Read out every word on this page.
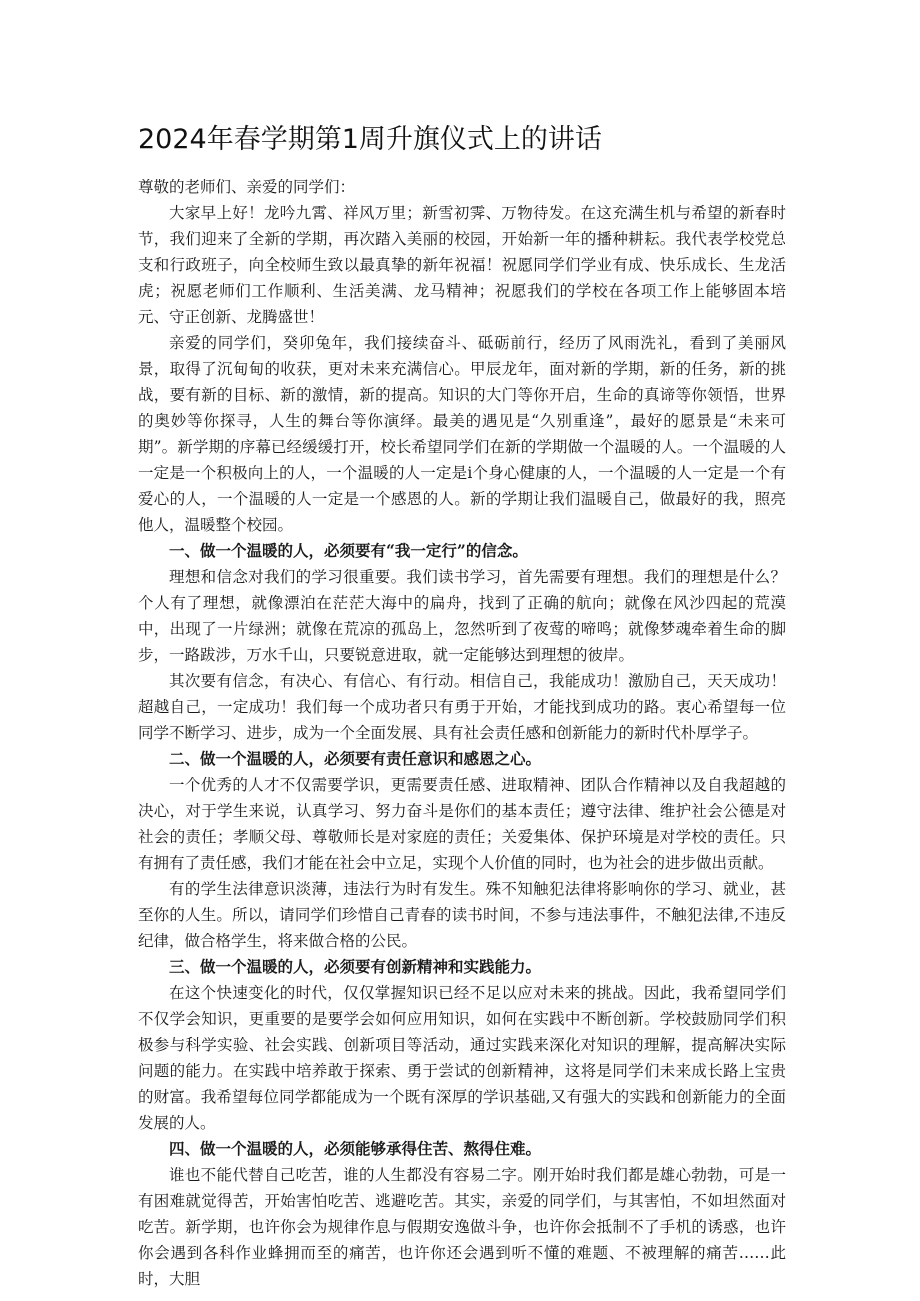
2024年春学期第1周升旗仪式上的讲话

尊敬的老师们、亲爱的同学们：

大家早上好！龙吟九霄、祥风万里；新雪初霁、万物待发。在这充满生机与希望的新春时节，我们迎来了全新的学期，再次踏入美丽的校园，开始新一年的播种耕耘。我代表学校党总支和行政班子，向全校师生致以最真挚的新年祝福！祝愿同学们学业有成、快乐成长、生龙活虎；祝愿老师们工作顺利、生活美满、龙马精神；祝愿我们的学校在各项工作上能够固本培元、守正创新、龙腾盛世！

亲爱的同学们，癸卯兔年，我们接续奋斗、砥砺前行，经历了风雨洗礼，看到了美丽风景，取得了沉甸甸的收获，更对未来充满信心。甲辰龙年，面对新的学期，新的任务，新的挑战，要有新的目标、新的激情，新的提高。知识的大门等你开启，生命的真谛等你领悟，世界的奥妙等你探寻，人生的舞台等你演绎。最美的遇见是“久别重逢”，最好的愿景是“未来可期”。新学期的序幕已经缓缓打开，校长希望同学们在新的学期做一个温暖的人。一个温暖的人一定是一个积极向上的人，一个温暖的人一定是i个身心健康的人，一个温暖的人一定是一个有爱心的人，一个温暖的人一定是一个感恩的人。新的学期让我们温暖自己，做最好的我，照亮他人，温暖整个校园。

一、做一个温暖的人，必须要有“我一定行”的信念。

理想和信念对我们的学习很重要。我们读书学习，首先需要有理想。我们的理想是什么？个人有了理想，就像漂泊在茫茫大海中的扁舟，找到了正确的航向；就像在风沙四起的荒漠中，出现了一片绿洲；就像在荒凉的孤岛上，忽然听到了夜莺的啼鸣；就像梦魂牵着生命的脚步，一路跋涉，万水千山，只要锐意进取，就一定能够达到理想的彼岸。

其次要有信念，有决心、有信心、有行动。相信自己，我能成功！激励自己，天天成功！超越自己，一定成功！我们每一个成功者只有勇于开始，才能找到成功的路。衷心希望每一位同学不断学习、进步，成为一个全面发展、具有社会责任感和创新能力的新时代朴厚学子。

二、做一个温暖的人，必须要有责任意识和感恩之心。

一个优秀的人才不仅需要学识，更需要责任感、进取精神、团队合作精神以及自我超越的决心，对于学生来说，认真学习、努力奋斗是你们的基本责任；遵守法律、维护社会公德是对社会的责任；孝顺父母、尊敬师长是对家庭的责任；关爱集体、保护环境是对学校的责任。只有拥有了责任感，我们才能在社会中立足，实现个人价值的同时，也为社会的进步做出贡献。

有的学生法律意识淡薄，违法行为时有发生。殊不知触犯法律将影响你的学习、就业，甚至你的人生。所以，请同学们珍惜自己青春的读书时间，不参与违法事件，不触犯法律,不违反纪律，做合格学生，将来做合格的公民。

三、做一个温暖的人，必须要有创新精神和实践能力。

在这个快速变化的时代，仅仅掌握知识已经不足以应对未来的挑战。因此，我希望同学们不仅学会知识，更重要的是要学会如何应用知识，如何在实践中不断创新。学校鼓励同学们积极参与科学实验、社会实践、创新项目等活动，通过实践来深化对知识的理解，提高解决实际问题的能力。在实践中培养敢于探索、勇于尝试的创新精神，这将是同学们未来成长路上宝贵的财富。我希望每位同学都能成为一个既有深厚的学识基础,又有强大的实践和创新能力的全面发展的人。

四、做一个温暖的人，必须能够承得住苦、熬得住难。

谁也不能代替自己吃苦，谁的人生都没有容易二字。刚开始时我们都是雄心勃勃，可是一有困难就觉得苦，开始害怕吃苦、逃避吃苦。其实，亲爱的同学们，与其害怕，不如坦然面对吃苦。新学期，也许你会为规律作息与假期安逸做斗争，也许你会抵制不了手机的诱惑，也许你会遇到各科作业蜂拥而至的痛苦，也许你还会遇到听不懂的难题、不被理解的痛苦……此时，大胆
